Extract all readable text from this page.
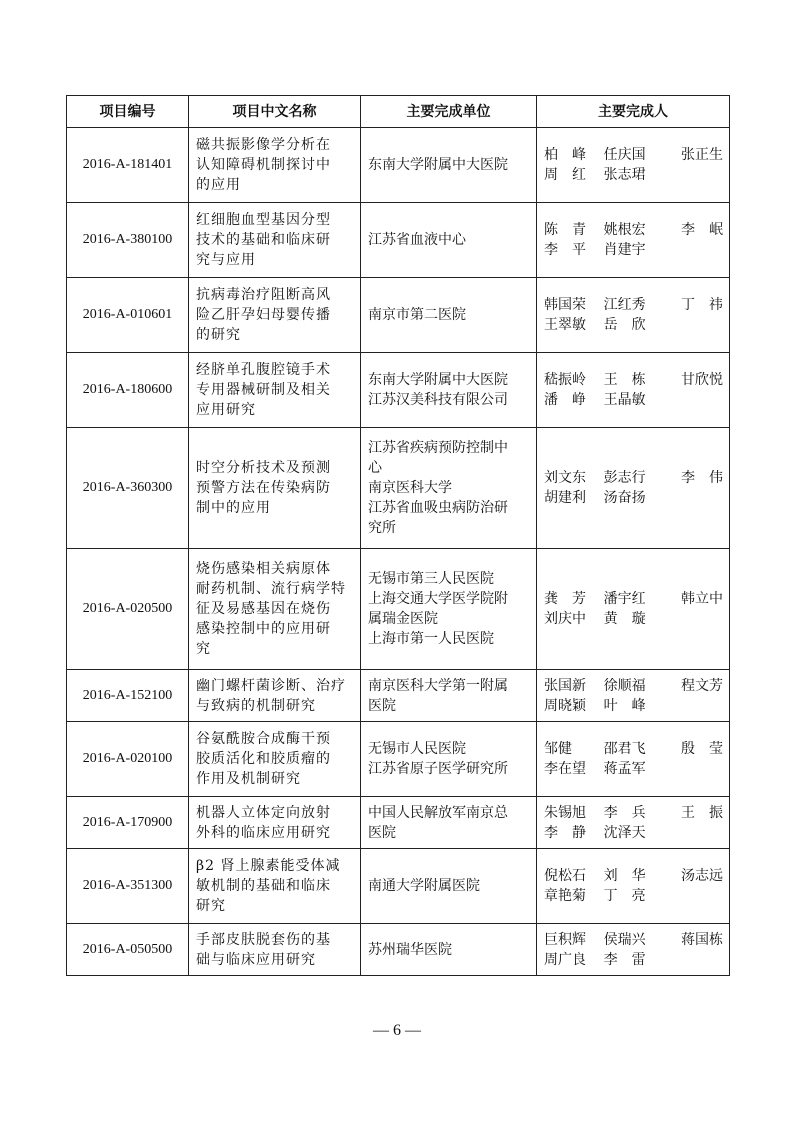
项目编号	项目中文名称	主要完成单位	主要完成人
2016-A-181401	磁共振影像学分析在
认知障碍机制探讨中
的应用	东南大学附属中大医院	柏　峰 任庆国 张正生
周　红 张志珺

2016-A-380100	红细胞血型基因分型
技术的基础和临床研
究与应用	江苏省血液中心	陈　青 姚根宏 李　岷
李　平 肖建宇

2016-A-010601	抗病毒治疗阻断高风
险乙肝孕妇母婴传播
的研究	南京市第二医院	韩国荣 江红秀 丁　祎
王翠敏 岳　欣

2016-A-180600	经脐单孔腹腔镜手术
专用器械研制及相关
应用研究	东南大学附属中大医院
江苏汉美科技有限公司	嵇振岭 王　栋 甘欣悦
潘　峥 王晶敏

2016-A-360300	时空分析技术及预测
预警方法在传染病防
制中的应用	江苏省疾病预防控制中
心
南京医科大学
江苏省血吸虫病防治研
究所	刘文东 彭志行 李　伟
胡建利 汤奋扬

2016-A-020500	烧伤感染相关病原体
耐药机制、流行病学特
征及易感基因在烧伤
感染控制中的应用研
究	无锡市第三人民医院
上海交通大学医学院附
属瑞金医院
上海市第一人民医院	龚　芳 潘宇红 韩立中
刘庆中 黄　璇

2016-A-152100	幽门螺杆菌诊断、治疗
与致病的机制研究	南京医科大学第一附属
医院	张国新 徐顺福 程文芳
周晓颖 叶　峰

2016-A-020100	谷氨酰胺合成酶干预
胶质活化和胶质瘤的
作用及机制研究	无锡市人民医院
江苏省原子医学研究所	邹健 邵君飞 殷　莹
李在望 蒋孟军

2016-A-170900	机器人立体定向放射
外科的临床应用研究	中国人民解放军南京总
医院	朱锡旭 李　兵 王　振
李　静 沈泽天

2016-A-351300	β2 肾上腺素能受体减
敏机制的基础和临床
研究	南通大学附属医院	倪松石 刘　华 汤志远
章艳菊 丁　亮

2016-A-050500	手部皮肤脱套伤的基
础与临床应用研究	苏州瑞华医院	巨积辉 侯瑞兴 蒋国栋
周广良 李　雷
— 6 —
